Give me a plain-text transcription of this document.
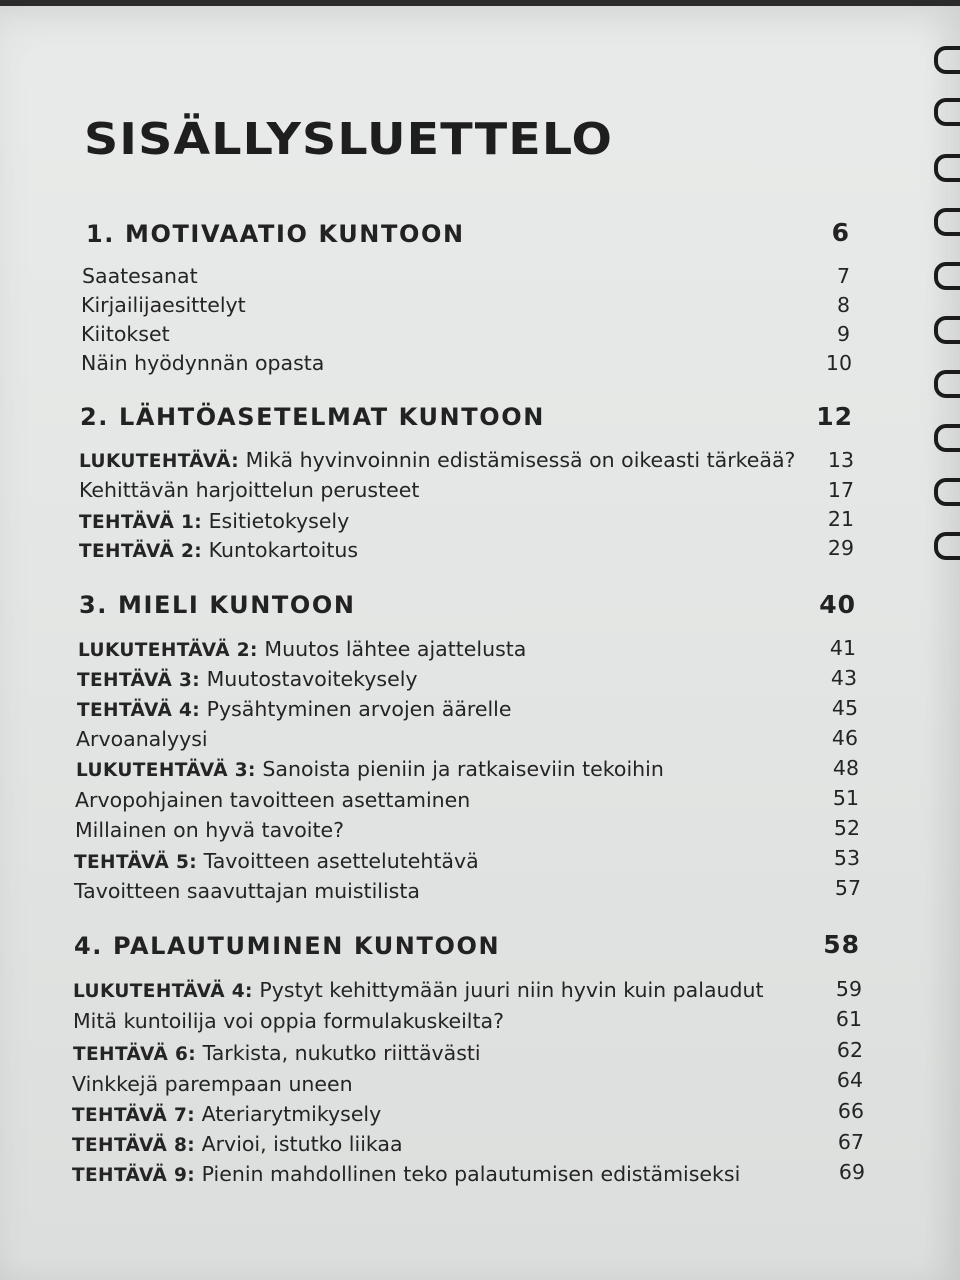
SISÄLLYSLUETTELO
1. MOTIVAATIO KUNTOON	6
Saatesanat	7
Kirjailijaesittelyt	8
Kiitokset	9
Näin hyödynnän opasta	10
2. LÄHTÖASETELMAT KUNTOON	12
LUKUTEHTÄVÄ: Mikä hyvinvoinnin edistämisessä on oikeasti tärkeää?	13
Kehittävän harjoittelun perusteet	17
TEHTÄVÄ 1: Esitietokysely	21
TEHTÄVÄ 2: Kuntokartoitus	29
3. MIELI KUNTOON	40
LUKUTEHTÄVÄ 2: Muutos lähtee ajattelusta	41
TEHTÄVÄ 3: Muutostavoitekysely	43
TEHTÄVÄ 4: Pysähtyminen arvojen äärelle	45
Arvoanalyysi	46
LUKUTEHTÄVÄ 3: Sanoista pieniin ja ratkaiseviin tekoihin	48
Arvopohjainen tavoitteen asettaminen	51
Millainen on hyvä tavoite?	52
TEHTÄVÄ 5: Tavoitteen asettelutehtävä	53
Tavoitteen saavuttajan muistilista	57
4. PALAUTUMINEN KUNTOON	58
LUKUTEHTÄVÄ 4: Pystyt kehittymään juuri niin hyvin kuin palaudut	59
Mitä kuntoilija voi oppia formulakuskeilta?	61
TEHTÄVÄ 6: Tarkista, nukutko riittävästi	62
Vinkkejä parempaan uneen	64
TEHTÄVÄ 7: Ateriarytmikysely	66
TEHTÄVÄ 8: Arvioi, istutko liikaa	67
TEHTÄVÄ 9: Pienin mahdollinen teko palautumisen edistämiseksi	69
